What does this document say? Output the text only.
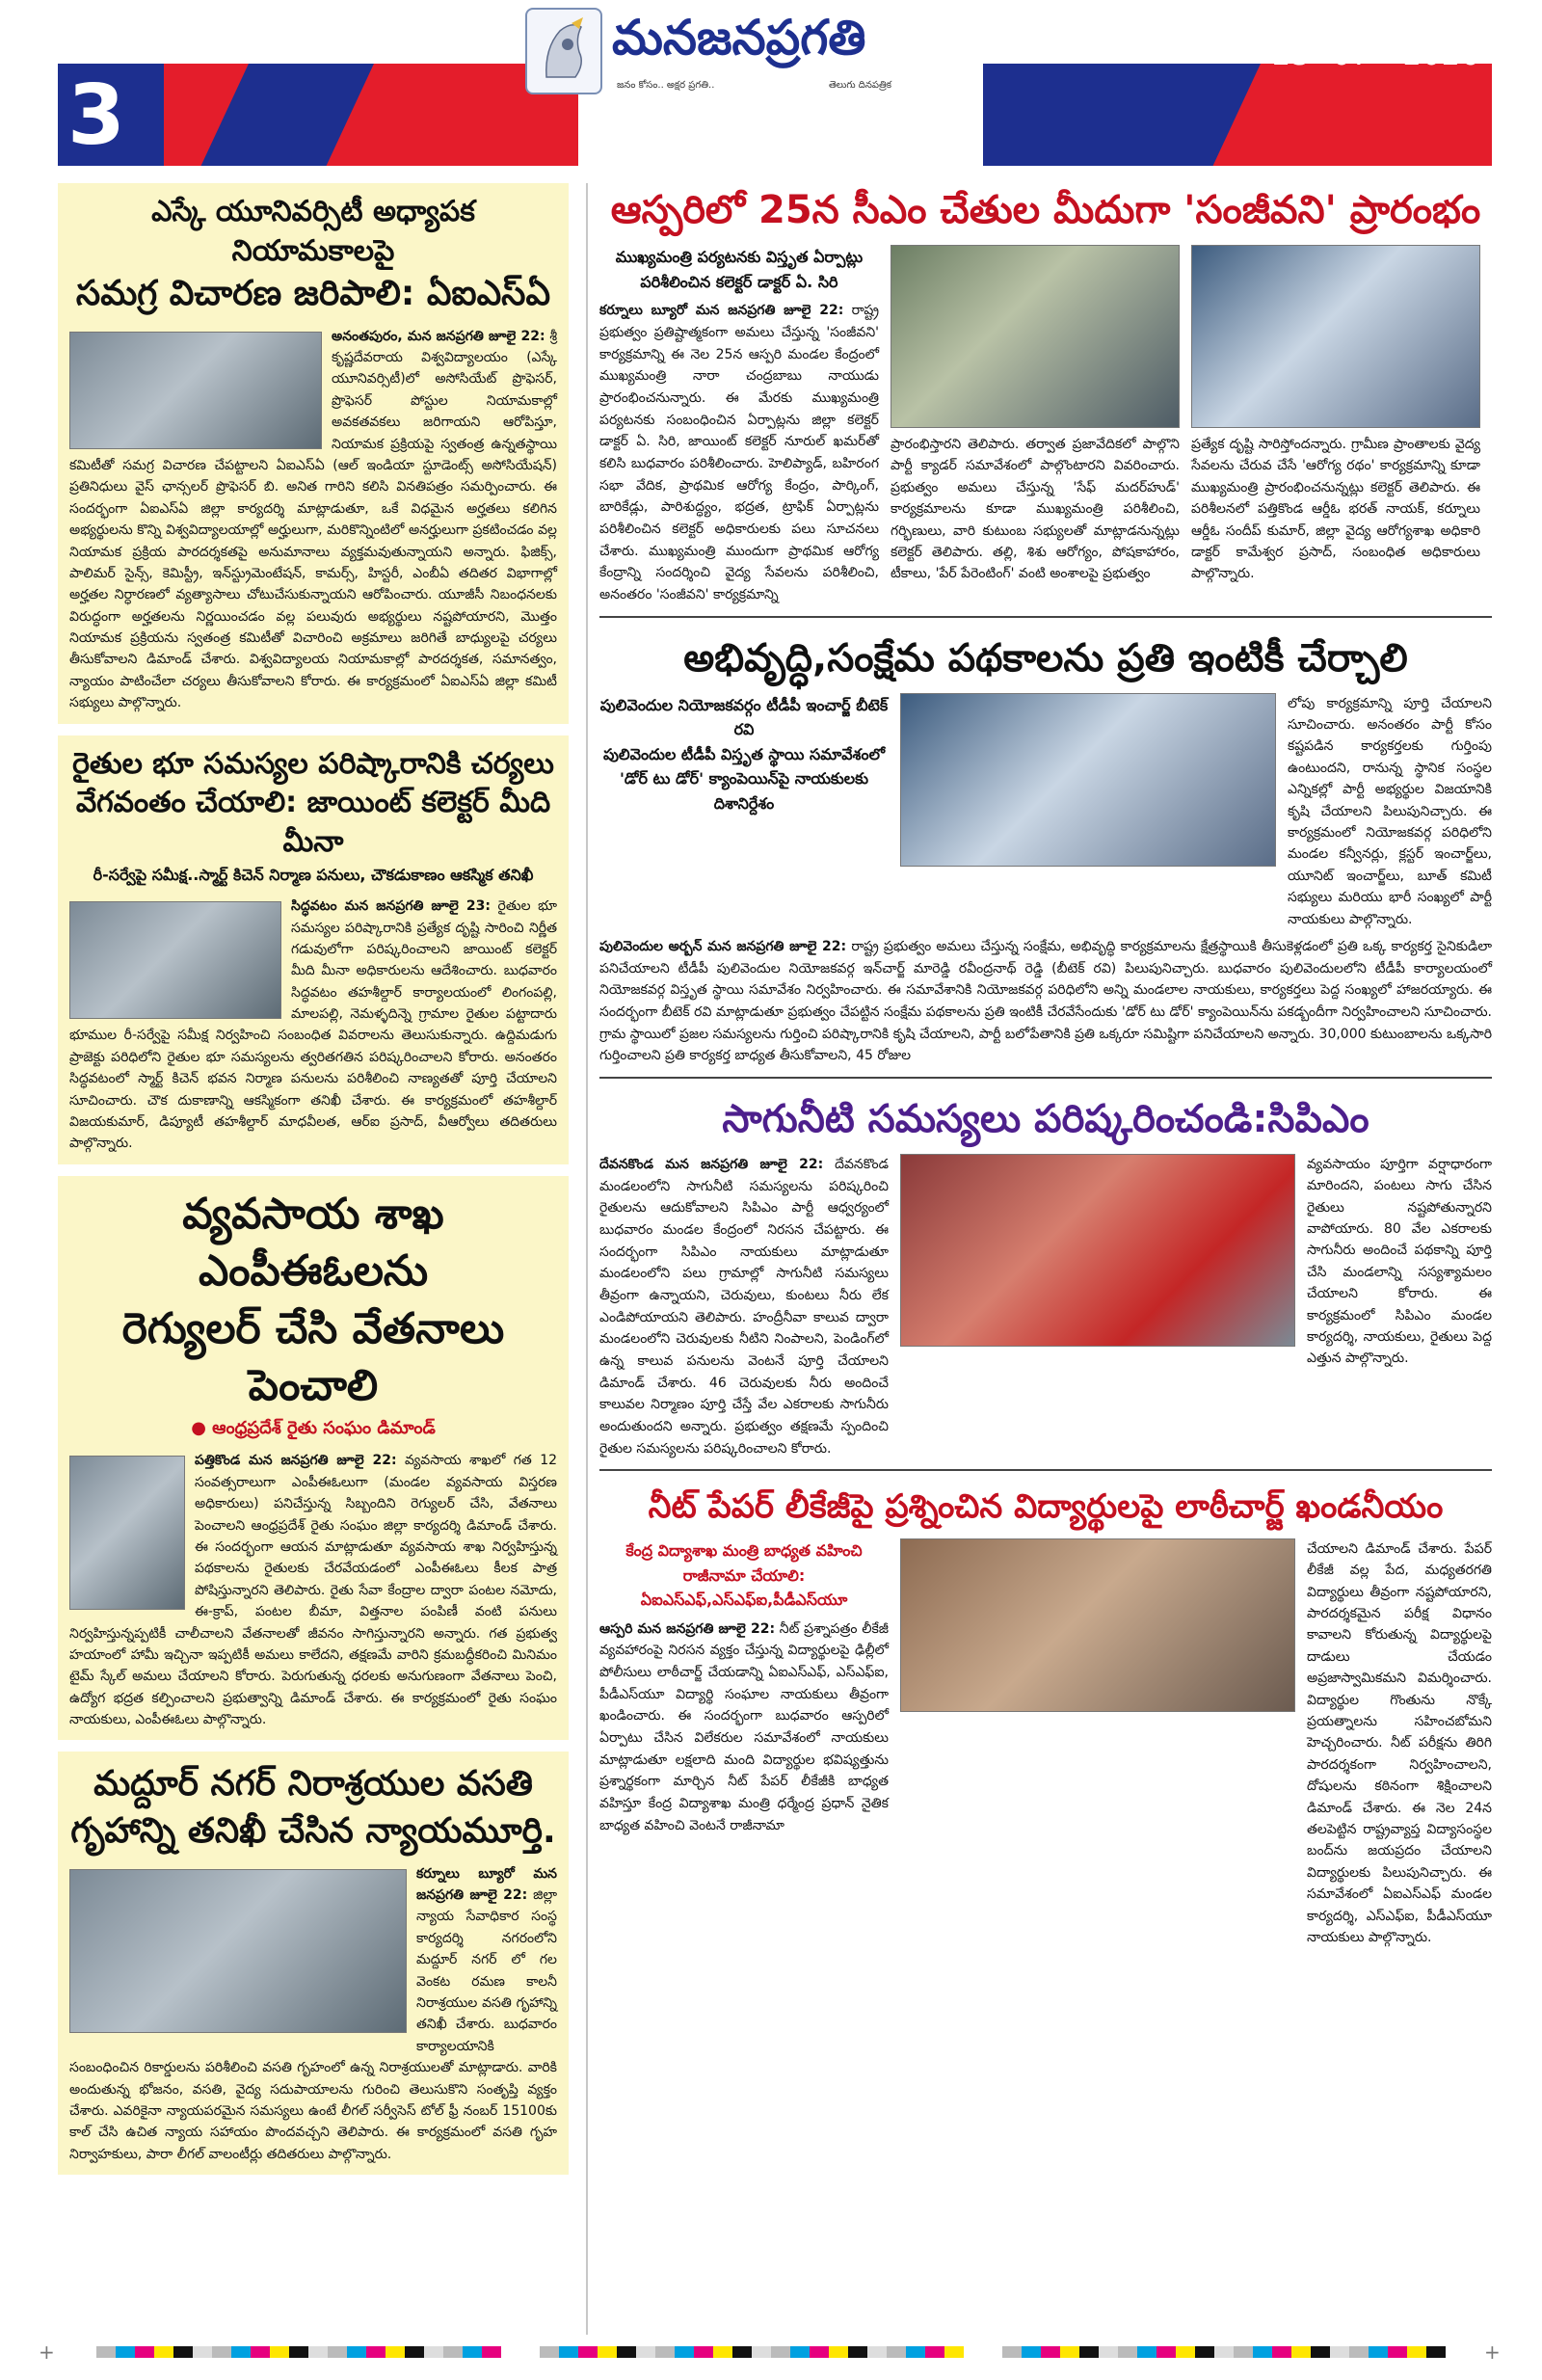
3
మనజనప్రగతి
జనం కోసం.. అక్షర ప్రగతి..	తెలుగు దినపత్రిక
23- 07 - 2026
ఎస్కే యూనివర్సిటీ అధ్యాపక నియామకాలపై
సమగ్ర విచారణ జరిపాలి: ఏఐఎస్ఏ
అనంతపురం, మన జనప్రగతి జూలై 22: శ్రీ కృష్ణదేవరాయ విశ్వవిద్యాలయం (ఎస్కే యూనివర్సిటీ)లో అసోసియేట్ ప్రొఫెసర్, ప్రొఫెసర్ పోస్టుల నియామకాల్లో అవకతవకలు జరిగాయని ఆరోపిస్తూ, నియామక ప్రక్రియపై స్వతంత్ర ఉన్నతస్థాయి కమిటీతో సమగ్ర విచారణ చేపట్టాలని ఏఐఎస్ఏ (ఆల్ ఇండియా స్టూడెంట్స్ అసోసియేషన్) ప్రతినిధులు వైస్ ఛాన్సలర్ ప్రొఫెసర్ బి. అనిత గారిని కలిసి వినతిపత్రం సమర్పించారు. ఈ సందర్భంగా ఏఐఎస్ఏ జిల్లా కార్యదర్శి మాట్లాడుతూ, ఒకే విధమైన అర్హతలు కలిగిన అభ్యర్థులను కొన్ని విశ్వవిద్యాలయాల్లో అర్హులుగా, మరికొన్నింటిలో అనర్హులుగా ప్రకటించడం వల్ల నియామక ప్రక్రియ పారదర్శకతపై అనుమానాలు వ్యక్తమవుతున్నాయని అన్నారు. ఫిజిక్స్, పాలిమర్ సైన్స్, కెమిస్ట్రీ, ఇన్‌స్ట్రుమెంటేషన్, కామర్స్, హిస్టరీ, ఎంబీఏ తదితర విభాగాల్లో అర్హతల నిర్ధారణలో వ్యత్యాసాలు చోటుచేసుకున్నాయని ఆరోపించారు. యూజీసీ నిబంధనలకు విరుద్ధంగా అర్హతలను నిర్ణయించడం వల్ల పలువురు అభ్యర్థులు నష్టపోయారని, మొత్తం నియామక ప్రక్రియను స్వతంత్ర కమిటీతో విచారించి అక్రమాలు జరిగితే బాధ్యులపై చర్యలు తీసుకోవాలని డిమాండ్ చేశారు. విశ్వవిద్యాలయ నియామకాల్లో పారదర్శకత, సమానత్వం, న్యాయం పాటించేలా చర్యలు తీసుకోవాలని కోరారు. ఈ కార్యక్రమంలో ఏఐఎస్ఏ జిల్లా కమిటీ సభ్యులు పాల్గొన్నారు.
రైతుల భూ సమస్యల పరిష్కారానికి చర్యలు
వేగవంతం చేయాలి: జాయింట్ కలెక్టర్ మీది మీనా
రీ-సర్వేపై సమీక్ష..స్మార్ట్ కిచెన్ నిర్మాణ పనులు, చౌకడుకాణం ఆకస్మిక తనిఖీ
సిద్ధవటం మన జనప్రగతి జూలై 23: రైతుల భూ సమస్యల పరిష్కారానికి ప్రత్యేక దృష్టి సారించి నిర్ణీత గడువులోగా పరిష్కరించాలని జాయింట్ కలెక్టర్ మీది మీనా అధికారులను ఆదేశించారు. బుధవారం సిద్ధవటం తహశీల్దార్ కార్యాలయంలో లింగంపల్లి, మాలపల్లి, నెమళ్ళదిన్నె గ్రామాల రైతుల పట్టాదారు భూముల రీ-సర్వేపై సమీక్ష నిర్వహించి సంబంధిత వివరాలను తెలుసుకున్నారు. ఉద్దిమడుగు ప్రాజెక్టు పరిధిలోని రైతుల భూ సమస్యలను త్వరితగతిన పరిష్కరించాలని కోరారు. అనంతరం సిద్ధవటంలో స్మార్ట్ కిచెన్ భవన నిర్మాణ పనులను పరిశీలించి నాణ్యతతో పూర్తి చేయాలని సూచించారు. చౌక దుకాణాన్ని ఆకస్మికంగా తనిఖీ చేశారు. ఈ కార్యక్రమంలో తహశీల్దార్ విజయకుమార్, డిప్యూటీ తహశీల్దార్ మాధవీలత, ఆర్ఐ ప్రసాద్, వీఆర్వోలు తదితరులు పాల్గొన్నారు.
వ్యవసాయ శాఖ ఎంపీఈఓలను
రెగ్యులర్ చేసి వేతనాలు పెంచాలి
● ఆంధ్రప్రదేశ్ రైతు సంఘం డిమాండ్
పత్తికొండ మన జనప్రగతి జూలై 22: వ్యవసాయ శాఖలో గత 12 సంవత్సరాలుగా ఎంపీఈఓలుగా (మండల వ్యవసాయ విస్తరణ అధికారులు) పనిచేస్తున్న సిబ్బందిని రెగ్యులర్ చేసి, వేతనాలు పెంచాలని ఆంధ్రప్రదేశ్ రైతు సంఘం జిల్లా కార్యదర్శి డిమాండ్ చేశారు. ఈ సందర్భంగా ఆయన మాట్లాడుతూ వ్యవసాయ శాఖ నిర్వహిస్తున్న పథకాలను రైతులకు చేరవేయడంలో ఎంపీఈఓలు కీలక పాత్ర పోషిస్తున్నారని తెలిపారు. రైతు సేవా కేంద్రాల ద్వారా పంటల నమోదు, ఈ-క్రాప్, పంటల బీమా, విత్తనాల పంపిణీ వంటి పనులు నిర్వహిస్తున్నప్పటికీ చాలీచాలని వేతనాలతో జీవనం సాగిస్తున్నారని అన్నారు. గత ప్రభుత్వ హయాంలో హామీ ఇచ్చినా ఇప్పటికీ అమలు కాలేదని, తక్షణమే వారిని క్రమబద్ధీకరించి మినిమం టైమ్ స్కేల్ అమలు చేయాలని కోరారు. పెరుగుతున్న ధరలకు అనుగుణంగా వేతనాలు పెంచి, ఉద్యోగ భద్రత కల్పించాలని ప్రభుత్వాన్ని డిమాండ్ చేశారు. ఈ కార్యక్రమంలో రైతు సంఘం నాయకులు, ఎంపీఈఓలు పాల్గొన్నారు.
మద్దూర్ నగర్ నిరాశ్రయుల వసతి
గృహాన్ని తనిఖీ చేసిన న్యాయమూర్తి.
కర్నూలు బ్యూరో మన జనప్రగతి జూలై 22: జిల్లా న్యాయ సేవాధికార సంస్థ కార్యదర్శి నగరంలోని మద్దూర్ నగర్ లో గల వెంకట రమణ కాలనీ నిరాశ్రయుల వసతి గృహాన్ని తనిఖీ చేశారు. బుధవారం కార్యాలయానికి సంబంధించిన రికార్డులను పరిశీలించి వసతి గృహంలో ఉన్న నిరాశ్రయులతో మాట్లాడారు. వారికి అందుతున్న భోజనం, వసతి, వైద్య సదుపాయాలను గురించి తెలుసుకొని సంతృప్తి వ్యక్తం చేశారు. ఎవరికైనా న్యాయపరమైన సమస్యలు ఉంటే లీగల్ సర్వీసెస్ టోల్ ఫ్రీ నంబర్ 15100కు కాల్ చేసి ఉచిత న్యాయ సహాయం పొందవచ్చని తెలిపారు. ఈ కార్యక్రమంలో వసతి గృహ నిర్వాహకులు, పారా లీగల్ వాలంటీర్లు తదితరులు పాల్గొన్నారు.
ఆస్పరిలో 25న సీఎం చేతుల మీదుగా 'సంజీవని' ప్రారంభం
ముఖ్యమంత్రి పర్యటనకు విస్తృత ఏర్పాట్లు
పరిశీలించిన కలెక్టర్ డాక్టర్ ఏ. సిరి
కర్నూలు బ్యూరో మన జనప్రగతి జూలై 22: రాష్ట్ర ప్రభుత్వం ప్రతిష్టాత్మకంగా అమలు చేస్తున్న 'సంజీవని' కార్యక్రమాన్ని ఈ నెల 25న ఆస్పరి మండల కేంద్రంలో ముఖ్యమంత్రి నారా చంద్రబాబు నాయుడు ప్రారంభించనున్నారు. ఈ మేరకు ముఖ్యమంత్రి పర్యటనకు సంబంధించిన ఏర్పాట్లను జిల్లా కలెక్టర్ డాక్టర్ ఏ. సిరి, జాయింట్ కలెక్టర్ నూరుల్ ఖమర్‌తో కలిసి బుధవారం పరిశీలించారు. హెలిప్యాడ్, బహిరంగ సభా వేదిక, ప్రాథమిక ఆరోగ్య కేంద్రం, పార్కింగ్, బారికేడ్లు, పారిశుద్ధ్యం, భద్రత, ట్రాఫిక్ ఏర్పాట్లను పరిశీలించిన కలెక్టర్ అధికారులకు పలు సూచనలు చేశారు. ముఖ్యమంత్రి ముందుగా ప్రాథమిక ఆరోగ్య కేంద్రాన్ని సందర్శించి వైద్య సేవలను పరిశీలించి, అనంతరం 'సంజీవని' కార్యక్రమాన్ని
ప్రారంభిస్తారని తెలిపారు. తర్వాత ప్రజావేదికలో పాల్గొని పార్టీ క్యాడర్ సమావేశంలో పాల్గొంటారని వివరించారు. ప్రభుత్వం అమలు చేస్తున్న 'సేఫ్ మదర్‌హుడ్' కార్యక్రమాలను కూడా ముఖ్యమంత్రి పరిశీలించి, గర్భిణులు, వారి కుటుంబ సభ్యులతో మాట్లాడనున్నట్లు కలెక్టర్ తెలిపారు. తల్లి, శిశు ఆరోగ్యం, పోషకాహారం, టీకాలు, 'పేర్ పేరెంటింగ్' వంటి అంశాలపై ప్రభుత్వం
ప్రత్యేక దృష్టి సారిస్తోందన్నారు. గ్రామీణ ప్రాంతాలకు వైద్య సేవలను చేరువ చేసే 'ఆరోగ్య రథం' కార్యక్రమాన్ని కూడా ముఖ్యమంత్రి ప్రారంభించనున్నట్లు కలెక్టర్ తెలిపారు. ఈ పరిశీలనలో పత్తికొండ ఆర్డీఓ భరత్ నాయక్, కర్నూలు ఆర్డీఓ సందీప్ కుమార్, జిల్లా వైద్య ఆరోగ్యశాఖ అధికారి డాక్టర్ కామేశ్వర ప్రసాద్, సంబంధిత అధికారులు పాల్గొన్నారు.
అభివృద్ధి,సంక్షేమ పథకాలను ప్రతి ఇంటికీ చేర్చాలి
పులివెందుల నియోజకవర్గం టీడీపీ ఇంచార్జ్ బీటెక్ రవి
పులివెందుల టీడీపీ విస్తృత స్థాయి సమావేశంలో 'డోర్ టు డోర్' క్యాంపెయిన్‌పై నాయకులకు దిశానిర్దేశం
లోపు కార్యక్రమాన్ని పూర్తి చేయాలని సూచించారు. అనంతరం పార్టీ కోసం కష్టపడిన కార్యకర్తలకు గుర్తింపు ఉంటుందని, రానున్న స్థానిక సంస్థల ఎన్నికల్లో పార్టీ అభ్యర్థుల విజయానికి కృషి చేయాలని పిలుపునిచ్చారు. ఈ కార్యక్రమంలో నియోజకవర్గ పరిధిలోని మండల కన్వీనర్లు, క్లస్టర్ ఇంచార్జ్‌లు, యూనిట్ ఇంచార్జ్‌లు, బూత్ కమిటీ సభ్యులు మరియు భారీ సంఖ్యలో పార్టీ నాయకులు పాల్గొన్నారు.
పులివెందుల అర్బన్ మన జనప్రగతి జూలై 22: రాష్ట్ర ప్రభుత్వం అమలు చేస్తున్న సంక్షేమ, అభివృద్ధి కార్యక్రమాలను క్షేత్రస్థాయికి తీసుకెళ్లడంలో ప్రతి ఒక్క కార్యకర్త సైనికుడిలా పనిచేయాలని టీడీపీ పులివెందుల నియోజకవర్గ ఇన్‌చార్జ్ మారెడ్డి రవీంద్రనాథ్ రెడ్డి (బీటెక్ రవి) పిలుపునిచ్చారు. బుధవారం పులివెందులలోని టీడీపీ కార్యాలయంలో నియోజకవర్గ విస్తృత స్థాయి సమావేశం నిర్వహించారు. ఈ సమావేశానికి నియోజకవర్గ పరిధిలోని అన్ని మండలాల నాయకులు, కార్యకర్తలు పెద్ద సంఖ్యలో హాజరయ్యారు. ఈ సందర్భంగా బీటెక్ రవి మాట్లాడుతూ ప్రభుత్వం చేపట్టిన సంక్షేమ పథకాలను ప్రతి ఇంటికీ చేరవేసేందుకు 'డోర్ టు డోర్' క్యాంపెయిన్‌ను పకడ్బందీగా నిర్వహించాలని సూచించారు. గ్రామ స్థాయిలో ప్రజల సమస్యలను గుర్తించి పరిష్కారానికి కృషి చేయాలని, పార్టీ బలోపేతానికి ప్రతి ఒక్కరూ సమిష్టిగా పనిచేయాలని అన్నారు. 30,000 కుటుంబాలను ఒక్కసారి గుర్తించాలని ప్రతి కార్యకర్త బాధ్యత తీసుకోవాలని, 45 రోజుల
సాగునీటి సమస్యలు పరిష్కరించండి:సిపిఎం
దేవనకొండ మన జనప్రగతి జూలై 22: దేవనకొండ మండలంలోని సాగునీటి సమస్యలను పరిష్కరించి రైతులను ఆదుకోవాలని సిపిఎం పార్టీ ఆధ్వర్యంలో బుధవారం మండల కేంద్రంలో నిరసన చేపట్టారు. ఈ సందర్భంగా సిపిఎం నాయకులు మాట్లాడుతూ మండలంలోని పలు గ్రామాల్లో సాగునీటి సమస్యలు తీవ్రంగా ఉన్నాయని, చెరువులు, కుంటలు నీరు లేక ఎండిపోయాయని తెలిపారు. హంద్రీనీవా కాలువ ద్వారా మండలంలోని చెరువులకు నీటిని నింపాలని, పెండింగ్‌లో ఉన్న కాలువ పనులను వెంటనే పూర్తి చేయాలని డిమాండ్ చేశారు. 46 చెరువులకు నీరు అందించే కాలువల నిర్మాణం పూర్తి చేస్తే వేల ఎకరాలకు సాగునీరు అందుతుందని అన్నారు. ప్రభుత్వం తక్షణమే స్పందించి రైతుల సమస్యలను పరిష్కరించాలని కోరారు.
వ్యవసాయం పూర్తిగా వర్షాధారంగా మారిందని, పంటలు సాగు చేసిన రైతులు నష్టపోతున్నారని వాపోయారు. 80 వేల ఎకరాలకు సాగునీరు అందించే పథకాన్ని పూర్తి చేసి మండలాన్ని సస్యశ్యామలం చేయాలని కోరారు. ఈ కార్యక్రమంలో సిపిఎం మండల కార్యదర్శి, నాయకులు, రైతులు పెద్ద ఎత్తున పాల్గొన్నారు.
నీట్ పేపర్ లీకేజీపై ప్రశ్నించిన విద్యార్థులపై లాఠీచార్జ్ ఖండనీయం
కేంద్ర విద్యాశాఖ మంత్రి బాధ్యత వహించి రాజీనామా చేయాలి: ఏఐఎస్ఎఫ్,ఎస్ఎఫ్ఐ,పీడీఎస్‌యూ
ఆస్పరి మన జనప్రగతి జూలై 22: నీట్ ప్రశ్నాపత్రం లీకేజీ వ్యవహారంపై నిరసన వ్యక్తం చేస్తున్న విద్యార్థులపై ఢిల్లీలో పోలీసులు లాఠీచార్జ్ చేయడాన్ని ఏఐఎస్ఎఫ్, ఎస్ఎఫ్ఐ, పీడీఎస్‌యూ విద్యార్థి సంఘాల నాయకులు తీవ్రంగా ఖండించారు. ఈ సందర్భంగా బుధవారం ఆస్పరిలో ఏర్పాటు చేసిన విలేకరుల సమావేశంలో నాయకులు మాట్లాడుతూ లక్షలాది మంది విద్యార్థుల భవిష్యత్తును ప్రశ్నార్థకంగా మార్చిన నీట్ పేపర్ లీకేజీకి బాధ్యత వహిస్తూ కేంద్ర విద్యాశాఖ మంత్రి ధర్మేంద్ర ప్రధాన్ నైతిక బాధ్యత వహించి వెంటనే రాజీనామా
చేయాలని డిమాండ్ చేశారు. పేపర్ లీకేజీ వల్ల పేద, మధ్యతరగతి విద్యార్థులు తీవ్రంగా నష్టపోయారని, పారదర్శకమైన పరీక్ష విధానం కావాలని కోరుతున్న విద్యార్థులపై దాడులు చేయడం అప్రజాస్వామికమని విమర్శించారు. విద్యార్థుల గొంతును నొక్కే ప్రయత్నాలను సహించబోమని హెచ్చరించారు. నీట్ పరీక్షను తిరిగి పారదర్శకంగా నిర్వహించాలని, దోషులను కఠినంగా శిక్షించాలని డిమాండ్ చేశారు. ఈ నెల 24న తలపెట్టిన రాష్ట్రవ్యాప్త విద్యాసంస్థల బంద్‌ను జయప్రదం చేయాలని విద్యార్థులకు పిలుపునిచ్చారు. ఈ సమావేశంలో ఏఐఎస్ఎఫ్ మండల కార్యదర్శి, ఎస్ఎఫ్ఐ, పీడీఎస్‌యూ నాయకులు పాల్గొన్నారు.
+	+
